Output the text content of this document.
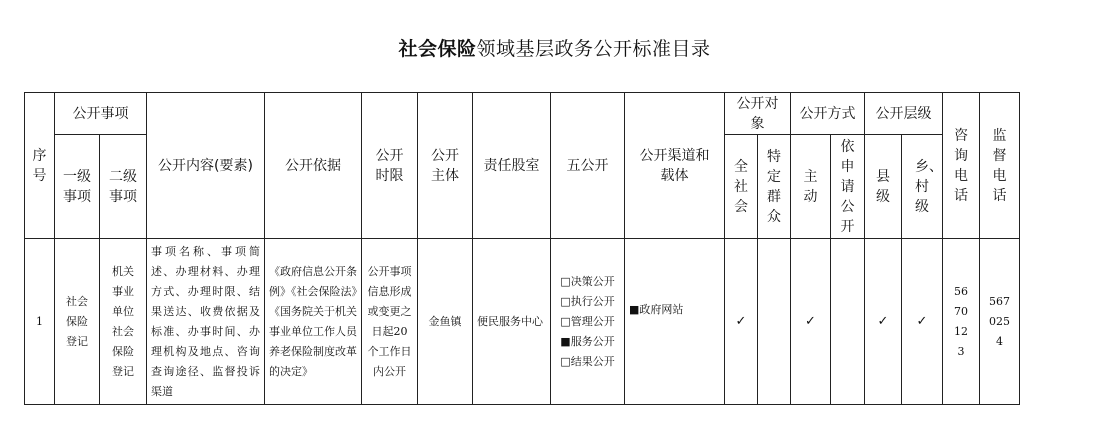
社会保险领域基层政务公开标准目录
序号	公开事项		公开内容(要素)	公开依据	公开时限	公开主体	责任股室	五公开	公开渠道和载体	公开对象		公开方式		公开层级		咨询电话	监督电话
	一级事项	二级事项								全社会	特定群众	主动	依申请公开	县级	乡、村级		
1	社会保险登记	机关事业单位社会保险登记	事项名称、事项简述、办理材料、办理方式、办理时限、结果送达、收费依据及标准、办事时间、办理机构及地点、咨询查询途径、监督投诉渠道	《政府信息公开条例》《社会保险法》《国务院关于机关事业单位工作人员养老保险制度改革的决定》	公开事项信息形成或变更之日起20个工作日内公开	金鱼镇	便民服务中心	□决策公开
□执行公开
□管理公开
■服务公开
□结果公开	■政府网站	✓		✓		✓	✓	5670123	5670254
